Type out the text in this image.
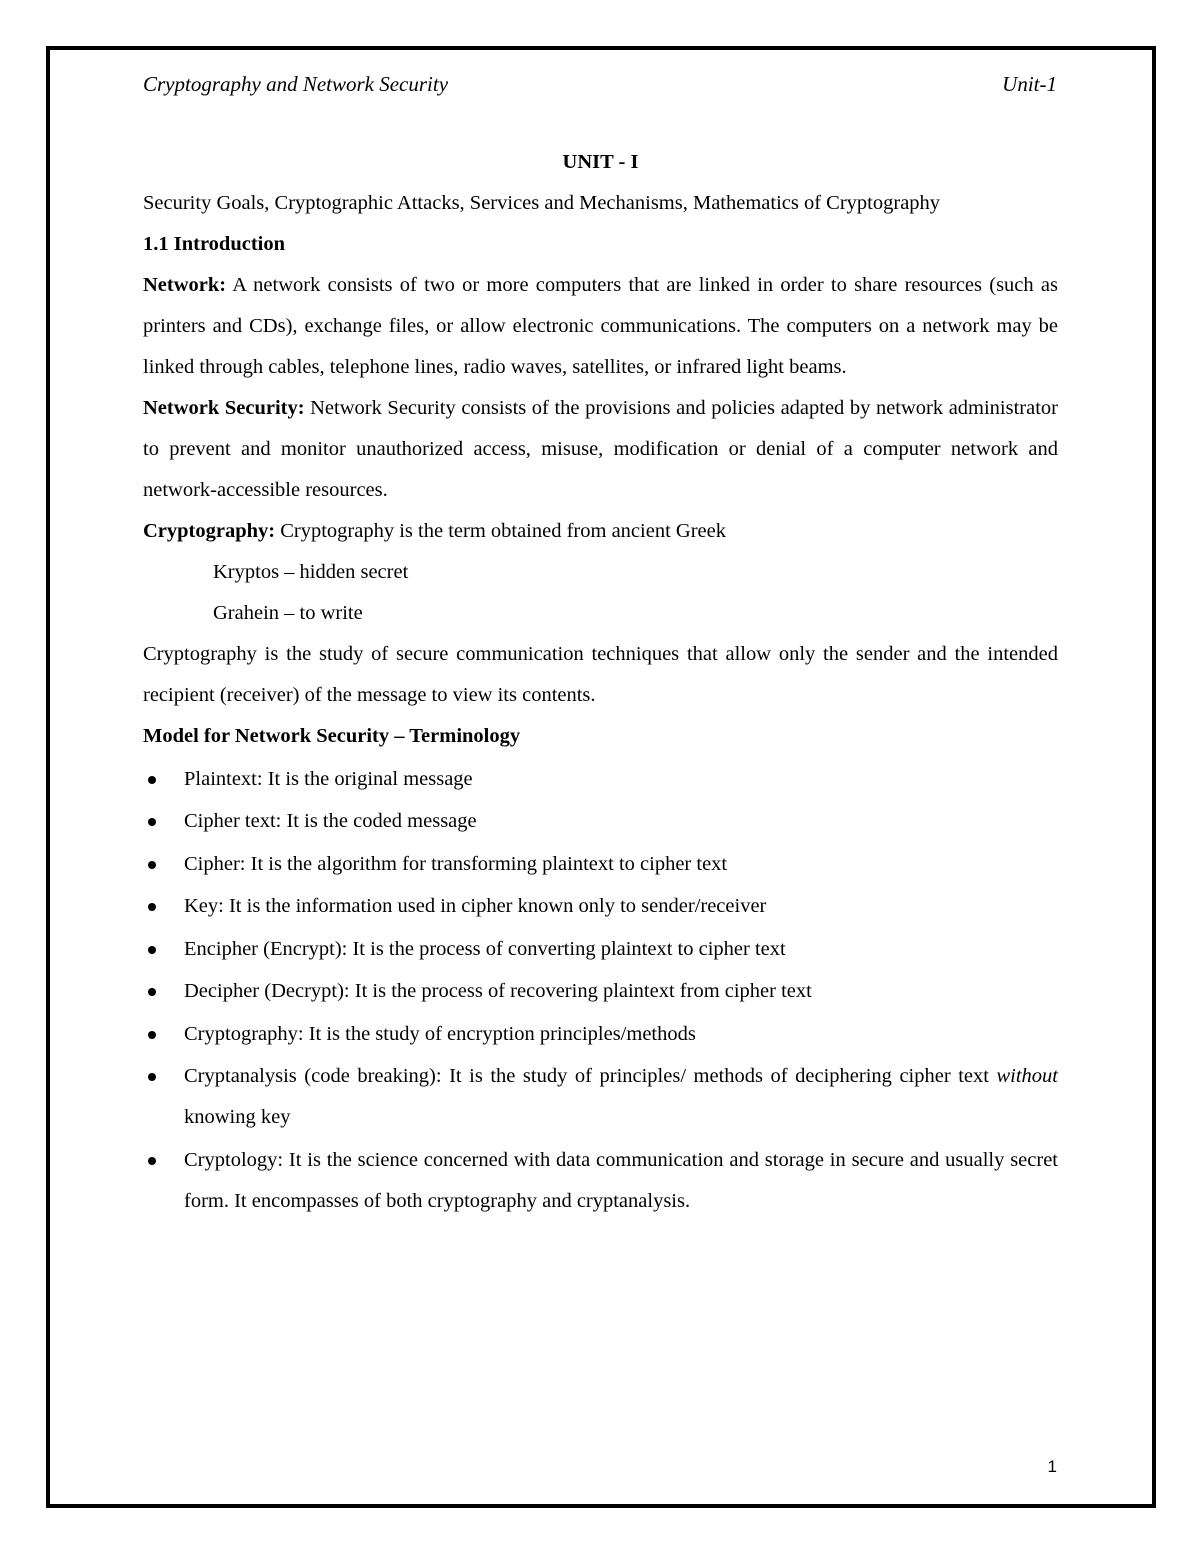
Cryptography and Network Security	Unit-1

UNIT - I

Security Goals, Cryptographic Attacks, Services and Mechanisms, Mathematics of Cryptography

1.1 Introduction

Network: A network consists of two or more computers that are linked in order to share resources (such as printers and CDs), exchange files, or allow electronic communications. The computers on a network may be linked through cables, telephone lines, radio waves, satellites, or infrared light beams.

Network Security: Network Security consists of the provisions and policies adapted by network administrator to prevent and monitor unauthorized access, misuse, modification or denial of a computer network and network-accessible resources.

Cryptography: Cryptography is the term obtained from ancient Greek

Kryptos – hidden secret

Grahein – to write

Cryptography is the study of secure communication techniques that allow only the sender and the intended recipient (receiver) of the message to view its contents.

Model for Network Security – Terminology

Plaintext: It is the original message
Cipher text: It is the coded message
Cipher: It is the algorithm for transforming plaintext to cipher text
Key: It is the information used in cipher known only to sender/receiver
Encipher (Encrypt): It is the process of converting plaintext to cipher text
Decipher (Decrypt): It is the process of recovering plaintext from cipher text
Cryptography: It is the study of encryption principles/methods
Cryptanalysis (code breaking): It is the study of principles/ methods of deciphering cipher text without knowing key
Cryptology: It is the science concerned with data communication and storage in secure and usually secret form. It encompasses of both cryptography and cryptanalysis.
1
